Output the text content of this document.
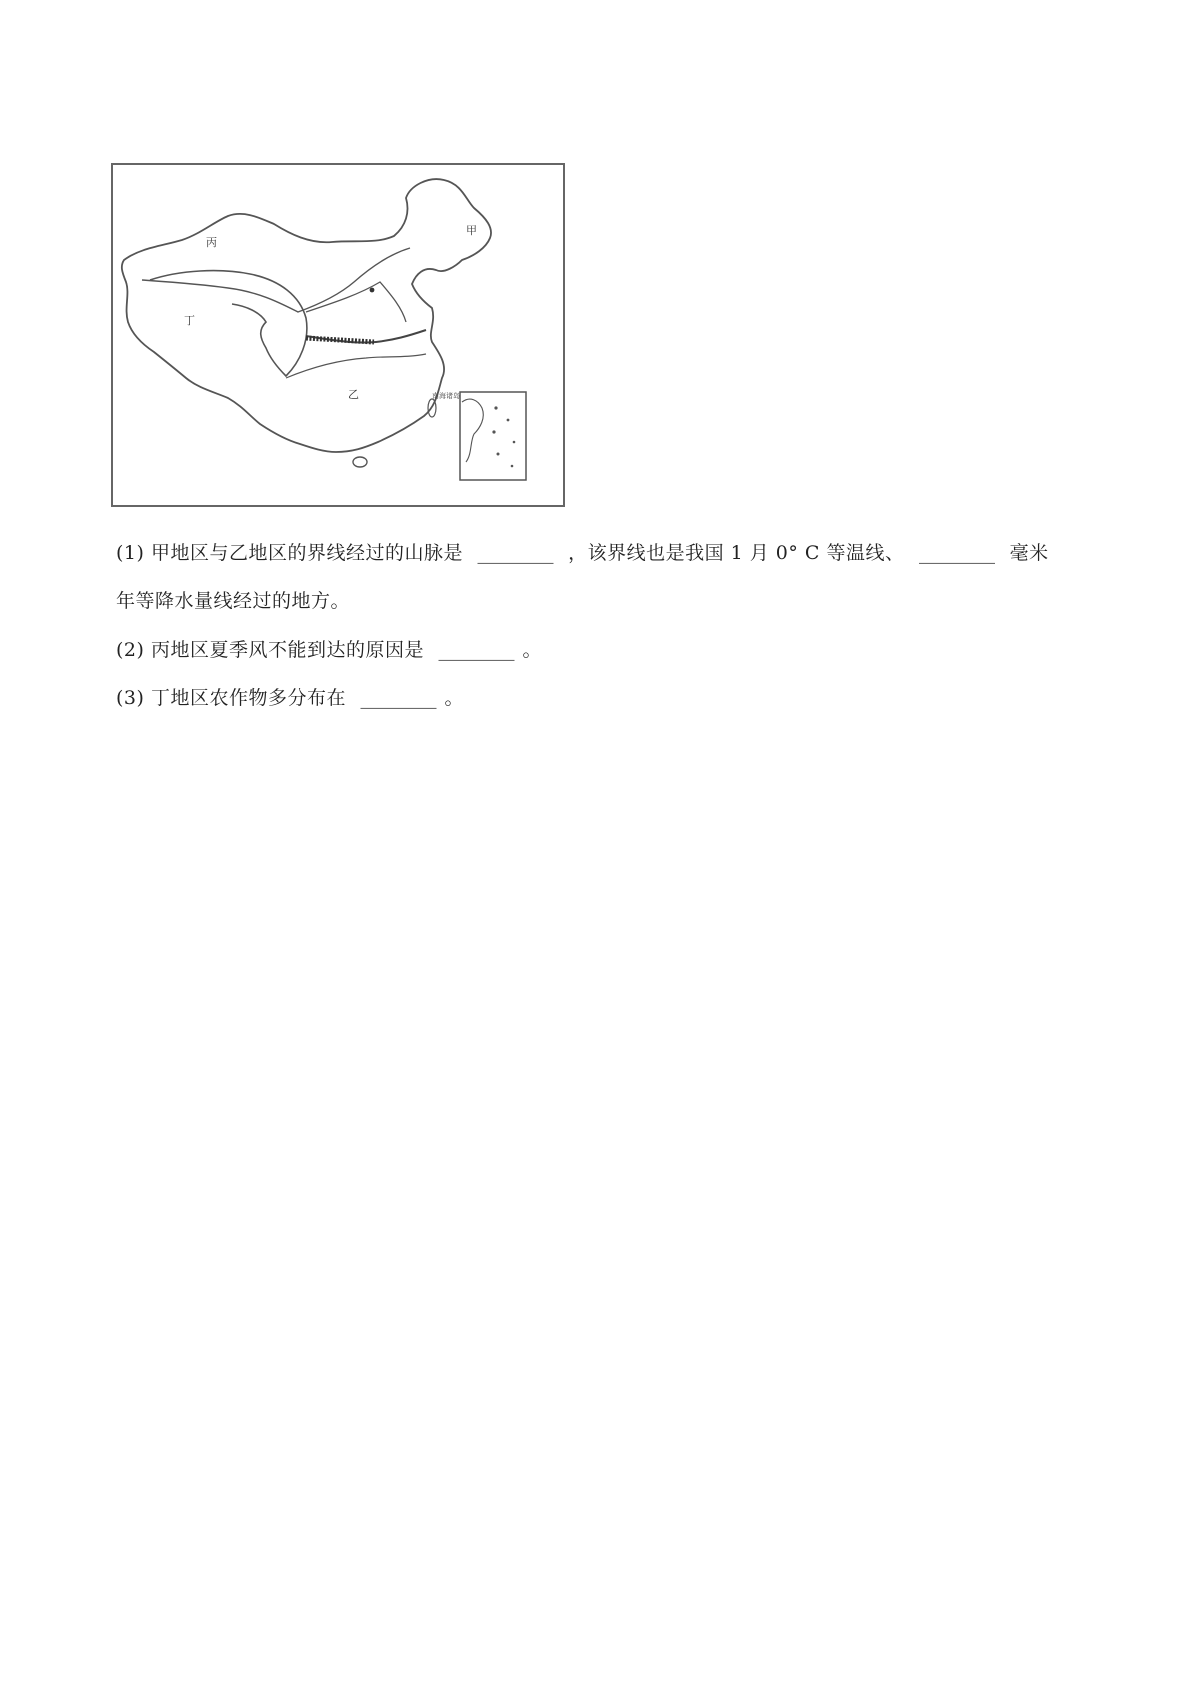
丙
甲
丁
乙	南海诸岛
(1) 甲地区与乙地区的界线经过的山脉是 ________ ，该界线也是我国 1 月 0° C 等温线、 ________ 毫米
年等降水量线经过的地方。
(2) 丙地区夏季风不能到达的原因是 ________ 。
(3) 丁地区农作物多分布在 ________ 。
